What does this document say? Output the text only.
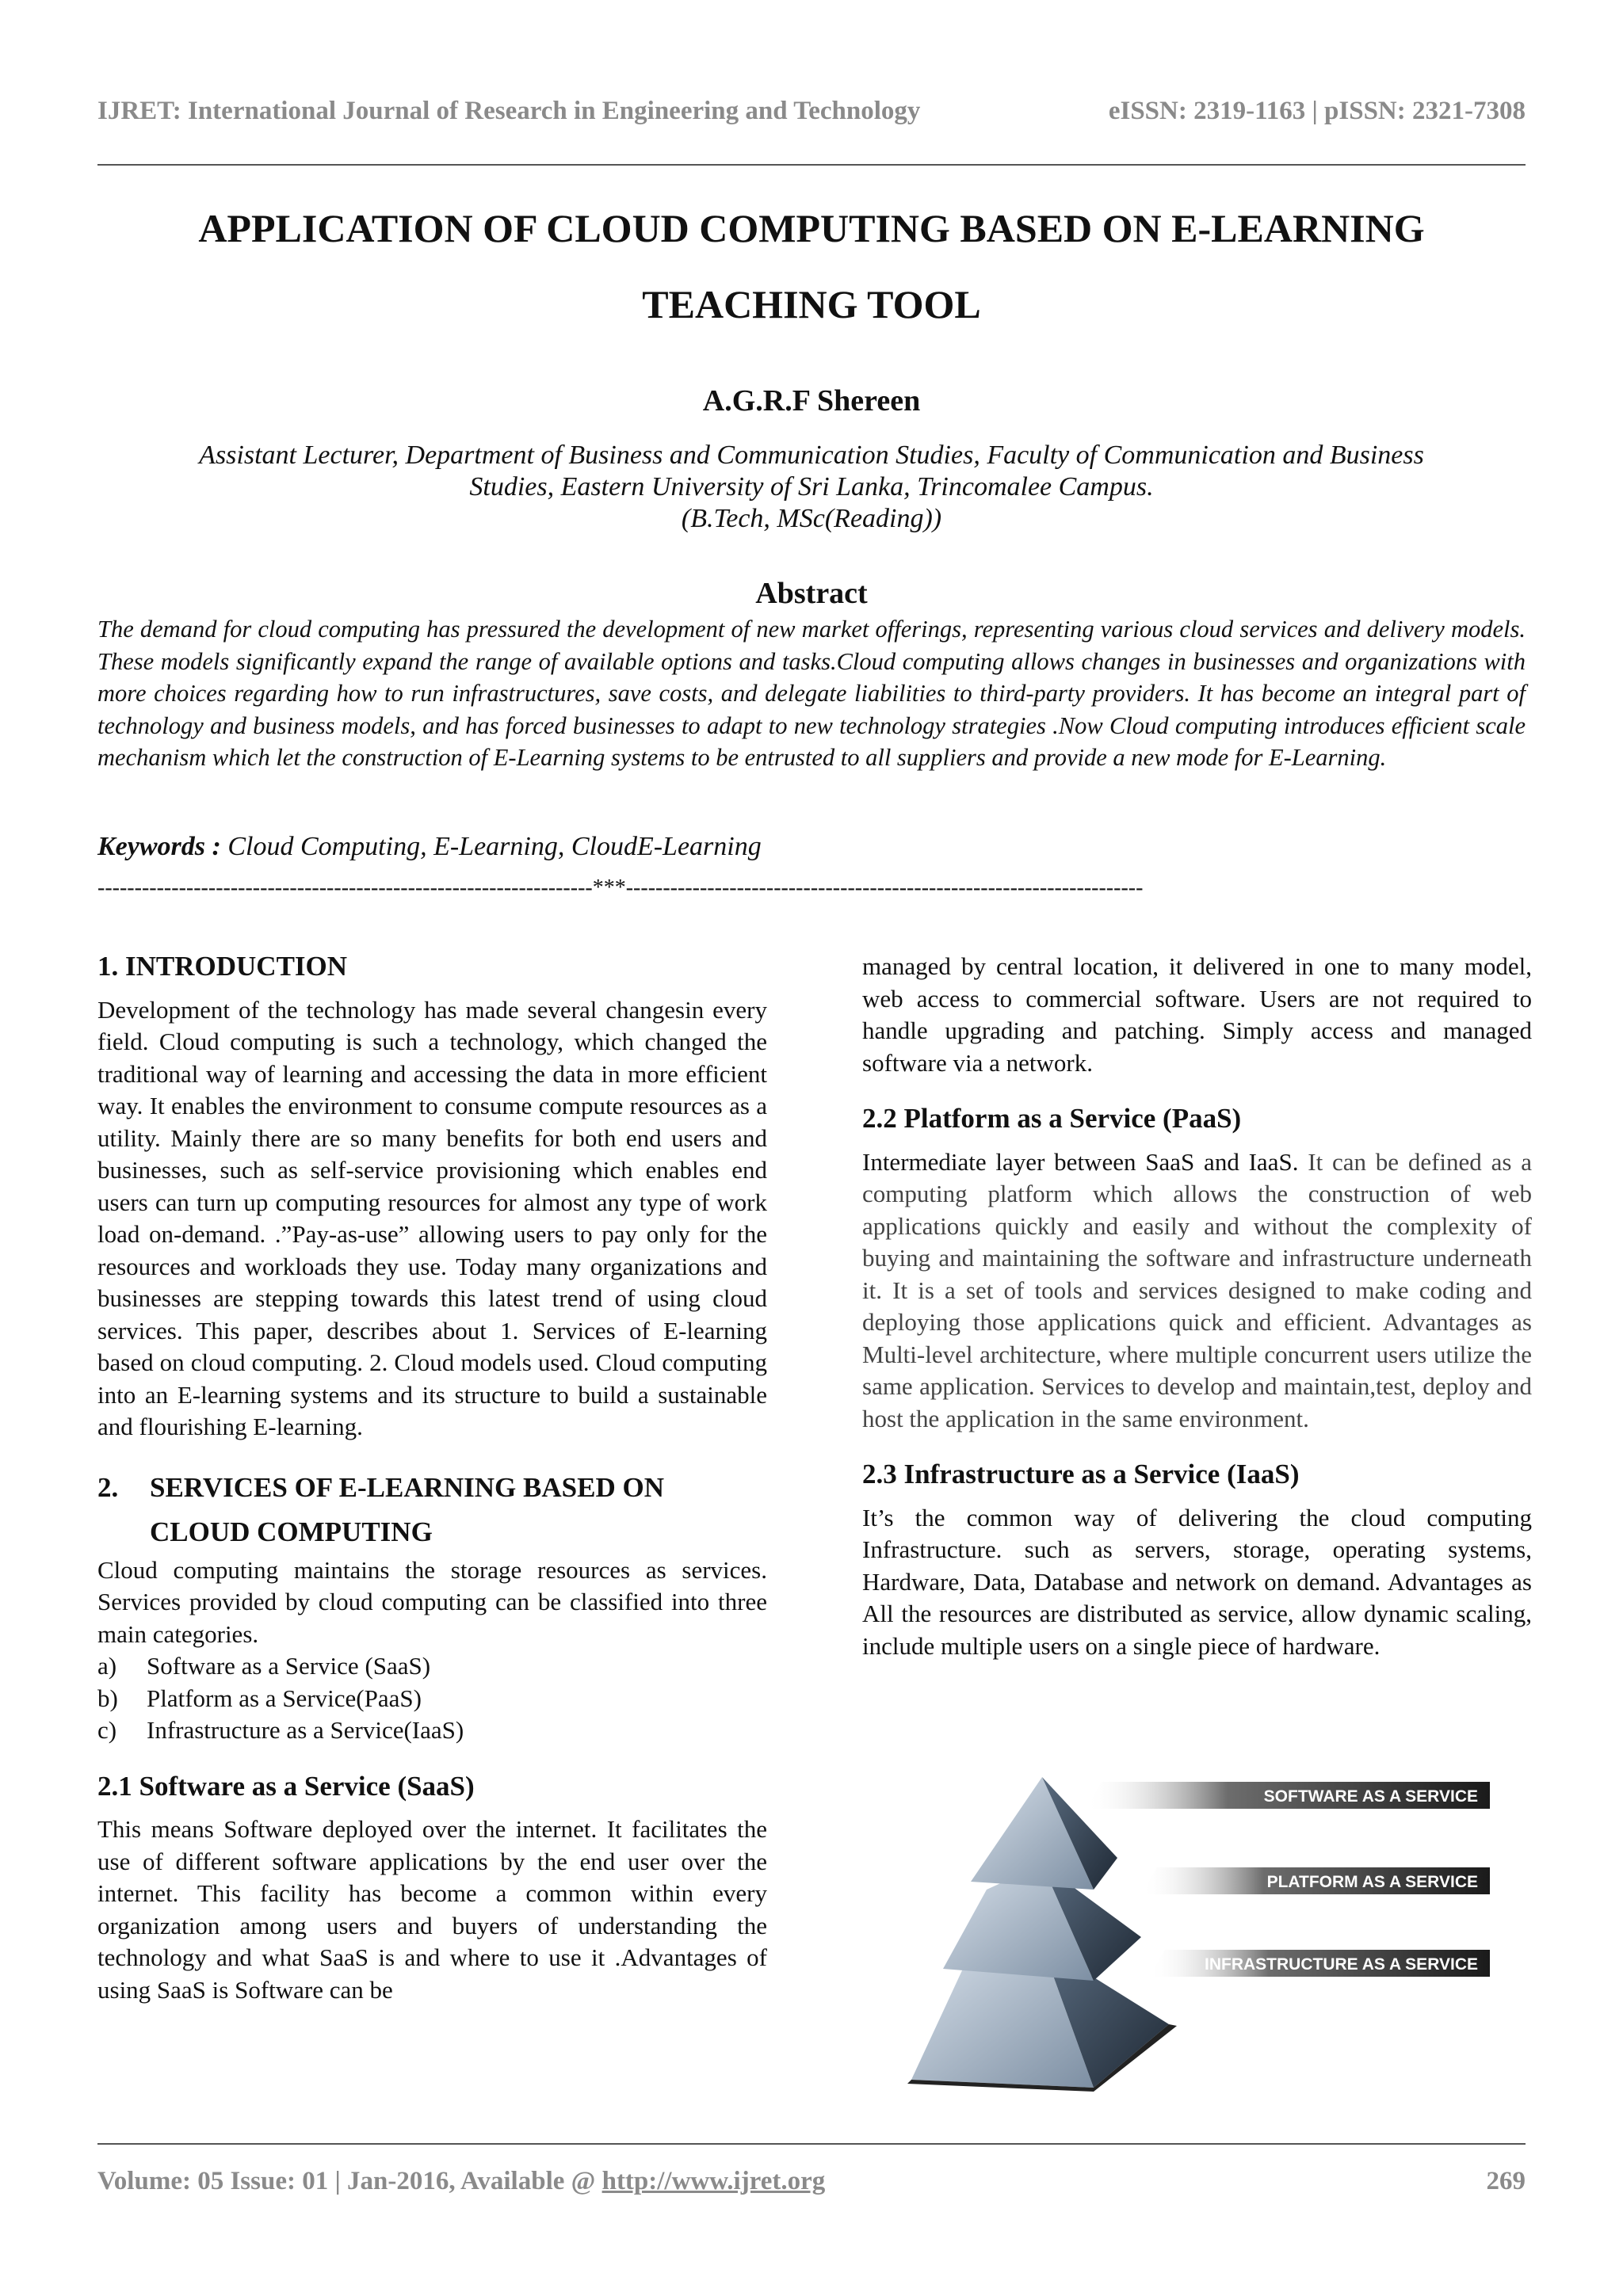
IJRET: International Journal of Research in Engineering and Technology	eISSN: 2319-1163 | pISSN: 2321-7308
APPLICATION OF CLOUD COMPUTING BASED ON E-LEARNING
TEACHING TOOL
A.G.R.F Shereen
Assistant Lecturer, Department of Business and Communication Studies, Faculty of Communication and Business
Studies, Eastern University of Sri Lanka, Trincomalee Campus.
(B.Tech, MSc(Reading))
Abstract
The demand for cloud computing has pressured the development of new market offerings, representing various cloud services and delivery models. These models significantly expand the range of available options and tasks.Cloud computing allows changes in businesses and organizations with more choices regarding how to run infrastructures, save costs, and delegate liabilities to third-party providers. It has become an integral part of technology and business models, and has forced businesses to adapt to new technology strategies .Now Cloud computing introduces efficient scale mechanism which let the construction of E-Learning systems to be entrusted to all suppliers and provide a new mode for E-Learning.
Keywords : Cloud Computing, E-Learning, CloudE-Learning
-------------------------------------------------------------------***----------------------------------------------------------------------
1. INTRODUCTION
Development of the technology has made several changesin every field. Cloud computing is such a technology, which changed the traditional way of learning and accessing the data in more efficient way. It enables the environment to consume compute resources as a utility. Mainly there are so many benefits for both end users and businesses, such as self-service provisioning which enables end users can turn up computing resources for almost any type of work load on-demand. .”Pay-as-use” allowing users to pay only for the resources and workloads they use. Today many organizations and businesses are stepping towards this latest trend of using cloud services. This paper, describes about 1. Services of E-learning based on cloud computing. 2. Cloud models used. Cloud computing into an E-learning systems and its structure to build a sustainable and flourishing E-learning.
2.	SERVICES OF E-LEARNING BASED ON
CLOUD COMPUTING
Cloud computing maintains the storage resources as services. Services provided by cloud computing can be classified into three main categories.
a)	Software as a Service (SaaS)
b)	Platform as a Service(PaaS)
c)	Infrastructure as a Service(IaaS)
2.1 Software as a Service (SaaS)
This means Software deployed over the internet. It facilitates the use of different software applications by the end user over the internet. This facility has become a common within every organization among users and buyers of understanding the technology and what SaaS is and where to use it .Advantages of using SaaS is Software can be
managed by central location, it delivered in one to many model, web access to commercial software. Users are not required to handle upgrading and patching. Simply access and managed software via a network.
2.2 Platform as a Service (PaaS)
Intermediate layer between SaaS and IaaS. It can be defined as a computing platform which allows the construction of web applications quickly and easily and without the complexity of buying and maintaining the software and infrastructure underneath it. It is a set of tools and services designed to make coding and deploying those applications quick and efficient. Advantages as Multi-level architecture, where multiple concurrent users utilize the same application. Services to develop and maintain,test, deploy and host the application in the same environment.
2.3 Infrastructure as a Service (IaaS)
It’s the common way of delivering the cloud computing Infrastructure. such as servers, storage, operating systems, Hardware, Data, Database and network on demand. Advantages as All the resources are distributed as service, allow dynamic scaling, include multiple users on a single piece of hardware.
SOFTWARE AS A SERVICE
PLATFORM AS A SERVICE
INFRASTRUCTURE AS A SERVICE
Volume: 05 Issue: 01 | Jan-2016, Available @ http://www.ijret.org	269
